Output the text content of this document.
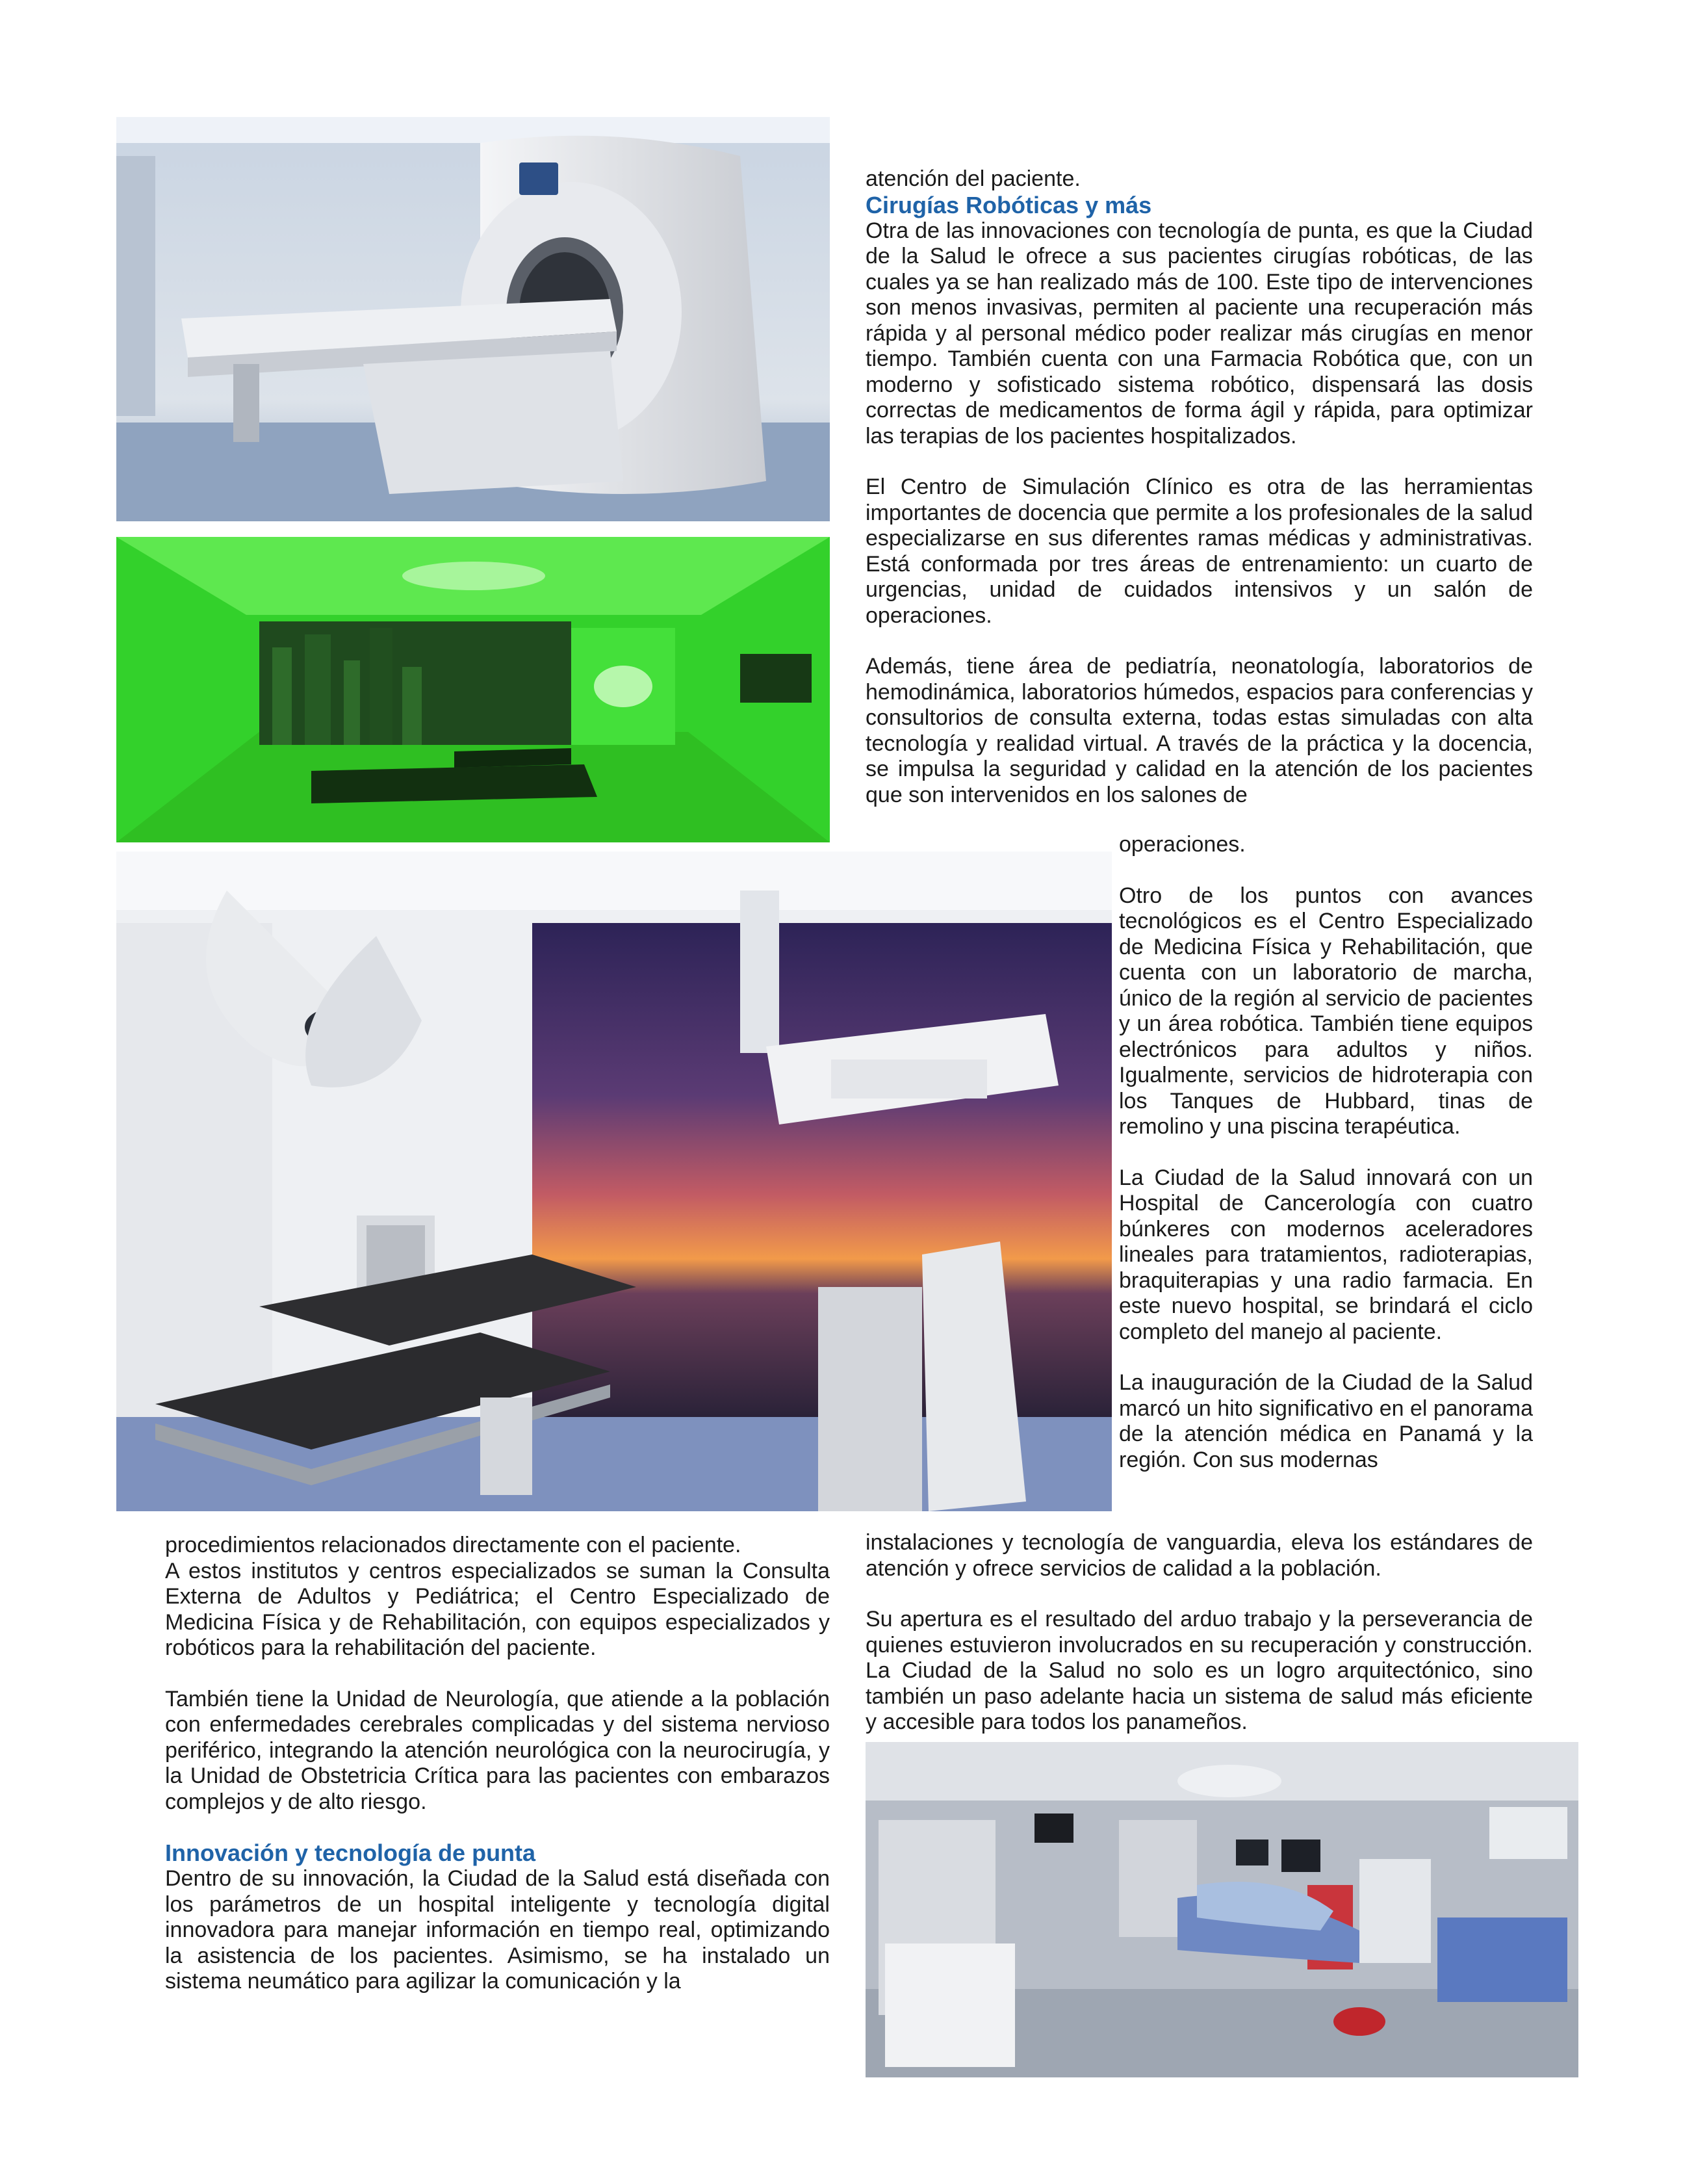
atención del paciente.

Cirugías Robóticas y más

Otra de las innovaciones con tecnología de punta, es que la Ciudad de la Salud le ofrece a sus pacientes cirugías robóticas, de las cuales ya se han realizado más de 100. Este tipo de intervenciones son menos invasivas, permiten al paciente una recuperación más rápida y al personal médico poder realizar más cirugías en menor tiempo. También cuenta con una Farmacia Robótica que, con un moderno y sofisticado sistema robótico, dispensará las dosis correctas de medicamentos de forma ágil y rápida, para optimizar las terapias de los pacientes hospitalizados.

El Centro de Simulación Clínico es otra de las herramientas importantes de docencia que permite a los profesionales de la salud especializarse en sus diferentes ramas médicas y administrativas. Está conformada por tres áreas de entrenamiento: un cuarto de urgencias, unidad de cuidados intensivos y un salón de operaciones.

Además, tiene área de pediatría, neonatología, laboratorios de hemodinámica, laboratorios húmedos, espacios para conferencias y consultorios de consulta externa, todas estas simuladas con alta tecnología y realidad virtual. A través de la práctica y la docencia, se impulsa la seguridad y calidad en la atención de los pacientes que son intervenidos en los salones de

operaciones.

Otro de los puntos con avances tecnológicos es el Centro Especializado de Medicina Física y Rehabilitación, que cuenta con un laboratorio de marcha, único de la región al servicio de pacientes y un área robótica. También tiene equipos electrónicos para adultos y niños. Igualmente, servicios de hidroterapia con los Tanques de Hubbard, tinas de remolino y una piscina terapéutica.

La Ciudad de la Salud innovará con un Hospital de Cancerología con cuatro búnkeres con modernos aceleradores lineales para tratamientos, radioterapias, braquiterapias y una radio farmacia. En este nuevo hospital, se brindará el ciclo completo del manejo al paciente.

La inauguración de la Ciudad de la Salud marcó un hito significativo en el panorama de la atención médica en Panamá y la región. Con sus modernas

instalaciones y tecnología de vanguardia, eleva los estándares de atención y ofrece servicios de calidad a la población.

Su apertura es el resultado del arduo trabajo y la perseverancia de quienes estuvieron involucrados en su recuperación y construcción. La Ciudad de la Salud no solo es un logro arquitectónico, sino también un paso adelante hacia un sistema de salud más eficiente y accesible para todos los panameños.

procedimientos relacionados directamente con el paciente.

A estos institutos y centros especializados se suman la Consulta Externa de Adultos y Pediátrica; el Centro Especializado de Medicina Física y de Rehabilitación, con equipos especializados y robóticos para la rehabilitación del paciente.

También tiene la Unidad de Neurología, que atiende a la población con enfermedades cerebrales complicadas y del sistema nervioso periférico, integrando la atención neurológica con la neurocirugía, y la Unidad de Obstetricia Crítica para las pacientes con embarazos complejos y de alto riesgo.

Innovación y tecnología de punta

Dentro de su innovación, la Ciudad de la Salud está diseñada con los parámetros de un hospital inteligente y tecnología digital innovadora para manejar información en tiempo real, optimizando la asistencia de los pacientes. Asimismo, se ha instalado un sistema neumático para agilizar la comunicación y la
